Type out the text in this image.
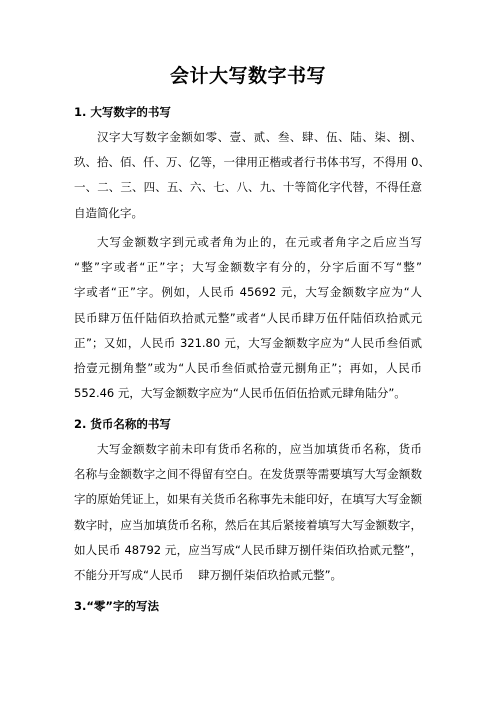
会计大写数字书写
1. 大写数字的书写
汉字大写数字金额如零、壹、贰、叁、肆、伍、陆、柒、捌、
玖、拾、佰、仟、万、亿等，一律用正楷或者行书体书写，不得用 0、
一、二、三、四、五、六、七、八、九、十等简化字代替，不得任意
自造简化字。
大写金额数字到元或者角为止的，在元或者角字之后应当写
“整”字或者“正”字；大写金额数字有分的，分字后面不写“整”
字或者“正”字。例如，人民币 45692 元，大写金额数字应为“人
民币肆万伍仟陆佰玖拾贰元整”或者“人民币肆万伍仟陆佰玖拾贰元
正”；又如，人民币 321.80 元，大写金额数字应为“人民币叁佰贰
拾壹元捌角整”或为“人民币叁佰贰拾壹元捌角正”；再如，人民币
552.46 元，大写金额数字应为“人民币伍佰伍拾贰元肆角陆分”。
2. 货币名称的书写
大写金额数字前未印有货币名称的，应当加填货币名称，货币
名称与金额数字之间不得留有空白。在发货票等需要填写大写金额数
字的原始凭证上，如果有关货币名称事先未能印好，在填写大写金额
数字时，应当加填货币名称，然后在其后紧接着填写大写金额数字，
如人民币 48792 元，应当写成“人民币肆万捌仟柒佰玖拾贰元整”，
不能分开写成“人民币    肆万捌仟柒佰玖拾贰元整”。
3.“零”字的写法
